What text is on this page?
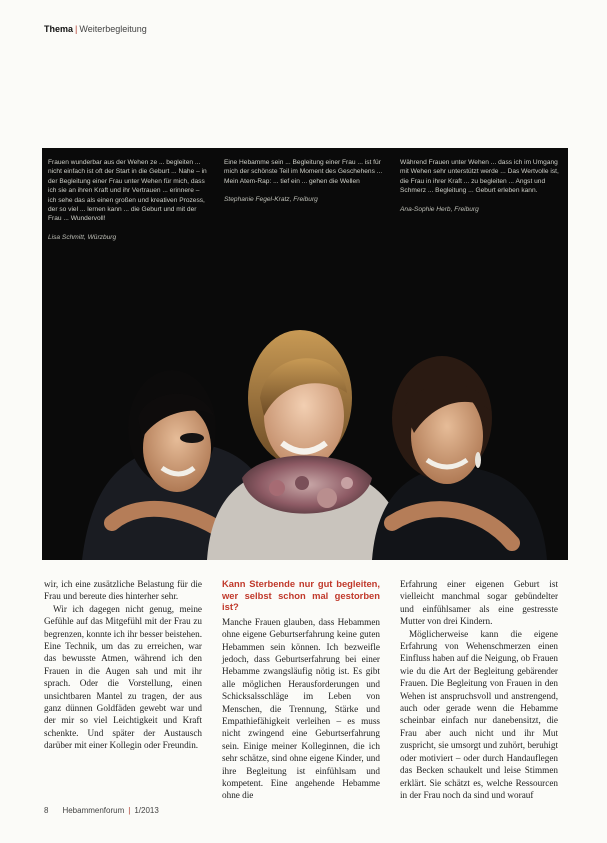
Thema | Weiterbegleitung

Frauen wunderbar aus der Wehen ze ... begleiten ... nicht einfach ist oft der Start in die Geburt ... Nahe – in der Begleitung einer Frau unter Wehen für mich, dass ich sie an ihren Kraft und ihr Vertrauen ... erinnere – ich sehe das als einen großen und kreativen Prozess, der so viel ... lernen kann ... die Geburt und mit der Frau ... Wundervoll!

Lisa Schmitt, Würzburg

Eine Hebamme sein ... Begleitung einer Frau ... ist für mich der schönste Teil im Moment des Geschehens ... Mein Atem-Rap: ... tief ein ... gehen die Wellen

Stephanie Fegel-Kratz, Freiburg

Während Frauen unter Wehen ... dass ich im Umgang mit Wehen sehr unterstützt werde ... Das Wertvolle ist, die Frau in ihrer Kraft ... zu begleiten ... Angst und Schmerz ... Begleitung ... Geburt erleben kann.

Ana-Sophie Herb, Freiburg

wir, ich eine zusätzliche Belastung für die Frau und bereute dies hinterher sehr.

Wir ich dagegen nicht genug, meine Gefühle auf das Mitgefühl mit der Frau zu begrenzen, konnte ich ihr besser beistehen. Eine Technik, um das zu erreichen, war das bewusste Atmen, während ich den Frauen in die Augen sah und mit ihr sprach. Oder die Vorstellung, einen unsichtbaren Mantel zu tragen, der aus ganz dünnen Goldfäden gewebt war und der mir so viel Leichtigkeit und Kraft schenkte. Und später der Austausch darüber mit einer Kollegin oder Freundin.

Kann Sterbende nur gut begleiten, wer selbst schon mal gestorben ist?

Manche Frauen glauben, dass Hebammen ohne eigene Geburtserfahrung keine guten Hebammen sein können. Ich bezweifle jedoch, dass Geburtserfahrung bei einer Hebamme zwangsläufig nötig ist. Es gibt alle möglichen Herausforderungen und Schicksalsschläge im Leben von Menschen, die Trennung, Stärke und Empathiefähigkeit verleihen – es muss nicht zwingend eine Geburtserfahrung sein. Einige meiner Kolleginnen, die ich sehr schätze, sind ohne eigene Kinder, und ihre Begleitung ist einfühlsam und kompetent. Eine angehende Hebamme ohne die

Erfahrung einer eigenen Geburt ist vielleicht manchmal sogar gebündelter und einfühlsamer als eine gestresste Mutter von drei Kindern.

Möglicherweise kann die eigene Erfahrung von Wehenschmerzen einen Einfluss haben auf die Neigung, ob Frauen wie du die Art der Begleitung gebärender Frauen. Die Begleitung von Frauen in den Wehen ist anspruchsvoll und anstrengend, auch oder gerade wenn die Hebamme scheinbar einfach nur danebensitzt, die Frau aber auch nicht und ihr Mut zuspricht, sie umsorgt und zuhört, beruhigt oder motiviert – oder durch Handauflegen das Becken schaukelt und leise Stimmen erklärt. Sie schätzt es, welche Ressourcen in der Frau noch da sind und worauf

8 Hebammenforum | 1/2013
